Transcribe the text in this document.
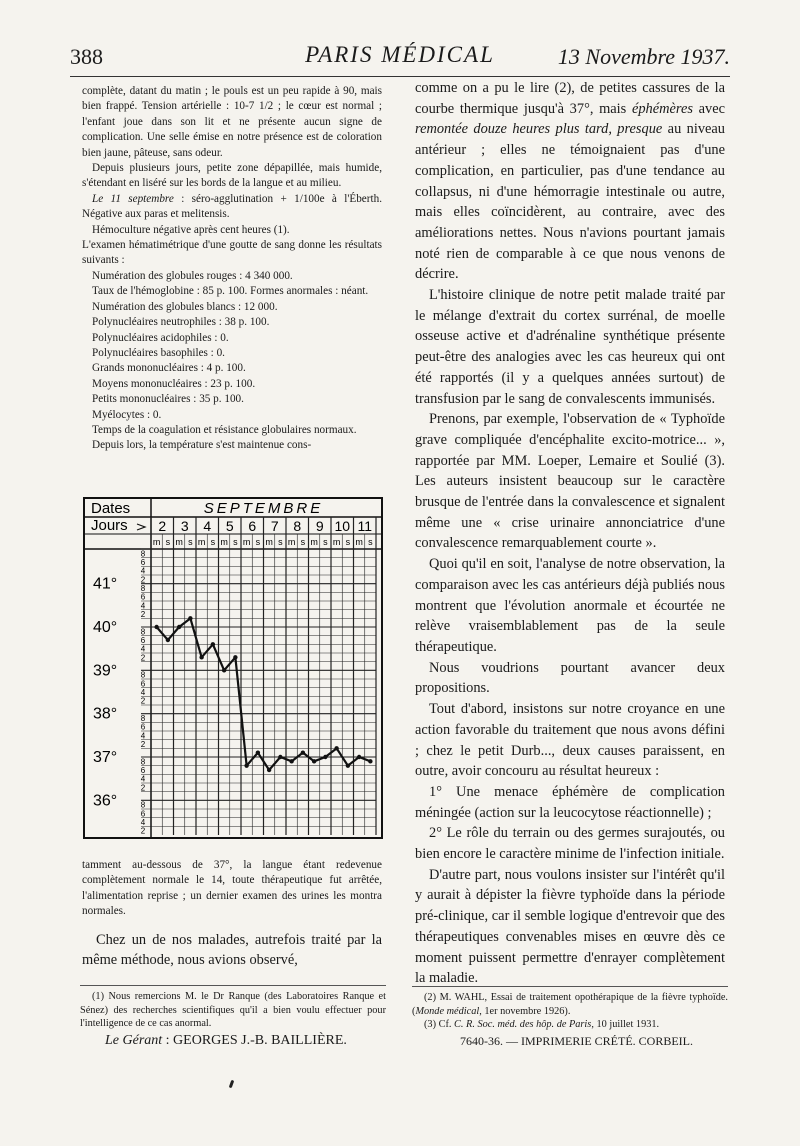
388	PARIS MÉDICAL	13 Novembre 1937.

complète, datant du matin ; le pouls est un peu rapide à 90, mais bien frappé. Tension artérielle : 10-7 1/2 ; le cœur est normal ; l'enfant joue dans son lit et ne présente aucun signe de complication. Une selle émise en notre présence est de coloration bien jaune, pâteuse, sans odeur.

Depuis plusieurs jours, petite zone dépapillée, mais humide, s'étendant en liséré sur les bords de la langue et au milieu.

Le 11 septembre : séro-agglutination + 1/100e à l'Éberth. Négative aux paras et melitensis.

Hémoculture négative après cent heures (1).

L'examen hématimétrique d'une goutte de sang donne les résultats suivants :

Numération des globules rouges : 4 340 000.

Taux de l'hémoglobine : 85 p. 100. Formes anormales : néant.

Numération des globules blancs : 12 000.

Polynucléaires neutrophiles : 38 p. 100.

Polynucléaires acidophiles : 0.

Polynucléaires basophiles : 0.

Grands mononucléaires : 4 p. 100.

Moyens mononucléaires : 23 p. 100.

Petits mononucléaires : 35 p. 100.

Myélocytes : 0.

Temps de la coagulation et résistance globulaires normaux.

Depuis lors, la température s'est maintenue cons-

Dates
Jours
SEPTEMBRE
2
m s
3
m s
4
m s
5
m s
6
m s
7
m s
8
m s
9
m s
10
m s
11
m s
41°	8
6
4
2
40°	8
6
4
2
39°	8
6
4
2
38°	8
6
4
2
37°	8
6
4
2
36°	8
6
4
2
8
6
4
2

tamment au-dessous de 37°, la langue étant redevenue complètement normale le 14, toute thérapeutique fut arrêtée, l'alimentation reprise ; un dernier examen des urines les montra normales.

Chez un de nos malades, autrefois traité par la même méthode, nous avions observé,

(1) Nous remercions M. le Dr Ranque (des Laboratoires Ranque et Sénez) des recherches scientifiques qu'il a bien voulu effectuer pour l'intelligence de ce cas anormal.

comme on a pu le lire (2), de petites cassures de la courbe thermique jusqu'à 37°, mais éphémères avec remontée douze heures plus tard, presque au niveau antérieur ; elles ne témoignaient pas d'une complication, en particulier, pas d'une tendance au collapsus, ni d'une hémorragie intestinale ou autre, mais elles coïncidèrent, au contraire, avec des améliorations nettes. Nous n'avions pourtant jamais noté rien de comparable à ce que nous venons de décrire.

L'histoire clinique de notre petit malade traité par le mélange d'extrait du cortex surrénal, de moelle osseuse active et d'adrénaline synthétique présente peut-être des analogies avec les cas heureux qui ont été rapportés (il y a quelques années surtout) de transfusion par le sang de convalescents immunisés.

Prenons, par exemple, l'observation de « Typhoïde grave compliquée d'encéphalite excito-motrice... », rapportée par MM. Loeper, Lemaire et Soulié (3). Les auteurs insistent beaucoup sur le caractère brusque de l'entrée dans la convalescence et signalent même une « crise urinaire annonciatrice d'une convalescence remarquablement courte ».

Quoi qu'il en soit, l'analyse de notre observation, la comparaison avec les cas antérieurs déjà publiés nous montrent que l'évolution anormale et écourtée ne relève vraisemblablement pas de la seule thérapeutique.

Nous voudrions pourtant avancer deux propositions.

Tout d'abord, insistons sur notre croyance en une action favorable du traitement que nous avons défini ; chez le petit Durb..., deux causes paraissent, en outre, avoir concouru au résultat heureux :

1° Une menace éphémère de complication méningée (action sur la leucocytose réactionnelle) ;

2° Le rôle du terrain ou des germes surajoutés, ou bien encore le caractère minime de l'infection initiale.

D'autre part, nous voulons insister sur l'intérêt qu'il y aurait à dépister la fièvre typhoïde dans la période pré-clinique, car il semble logique d'entrevoir que des thérapeutiques convenables mises en œuvre dès ce moment puissent permettre d'enrayer complètement la maladie.

(2) M. WAHL, Essai de traitement opothérapique de la fièvre typhoïde. (Monde médical, 1er novembre 1926).

(3) Cf. C. R. Soc. méd. des hôp. de Paris, 10 juillet 1931.

Le Gérant : GEORGES J.-B. BAILLIÈRE.	7640-36. — IMPRIMERIE CRÉTÉ. CORBEIL.
